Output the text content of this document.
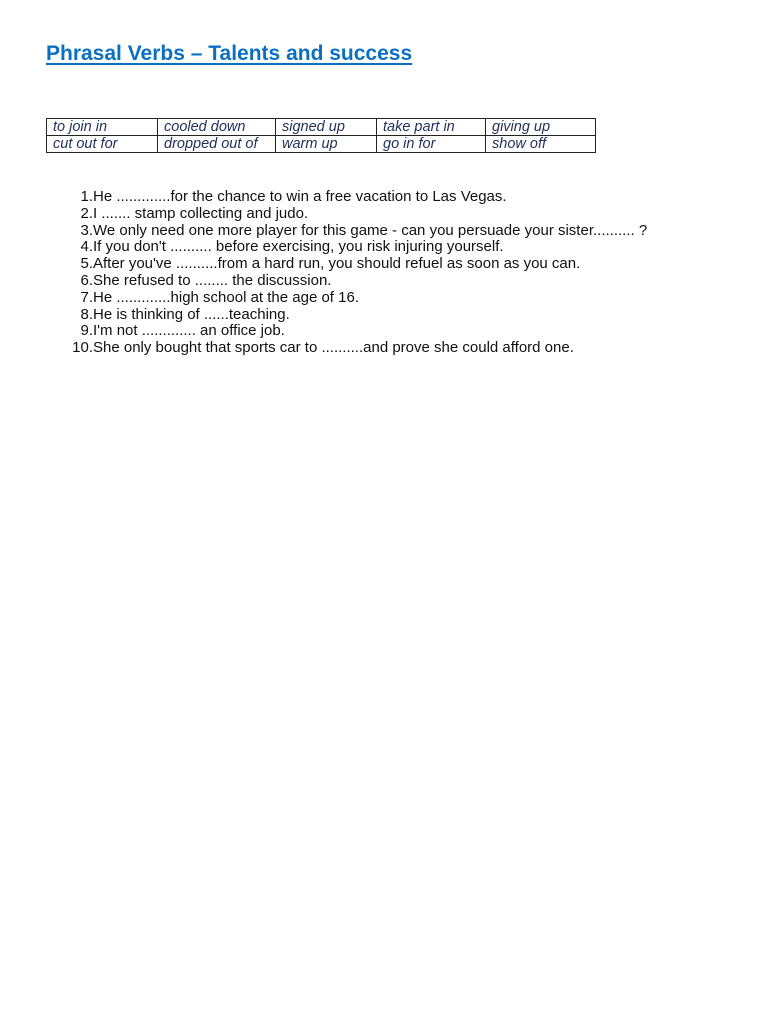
Phrasal Verbs – Talents and success
to join in	cooled down	signed up	take part in	giving up
cut out for	dropped out of	warm up	go in for	show off
1. He .............for the chance to win a free vacation to Las Vegas.
2. I ....... stamp collecting and judo.
3. We only need one more player for this game - can you persuade your sister.......... ?
4. If you don't .......... before exercising, you risk injuring yourself.
5. After you've ..........from a hard run, you should refuel as soon as you can.
6. She refused to ........ the discussion.
7. He .............high school at the age of 16.
8. He is thinking of ......teaching.
9. I'm not ............. an office job.
10. She only bought that sports car to ..........and prove she could afford one.
